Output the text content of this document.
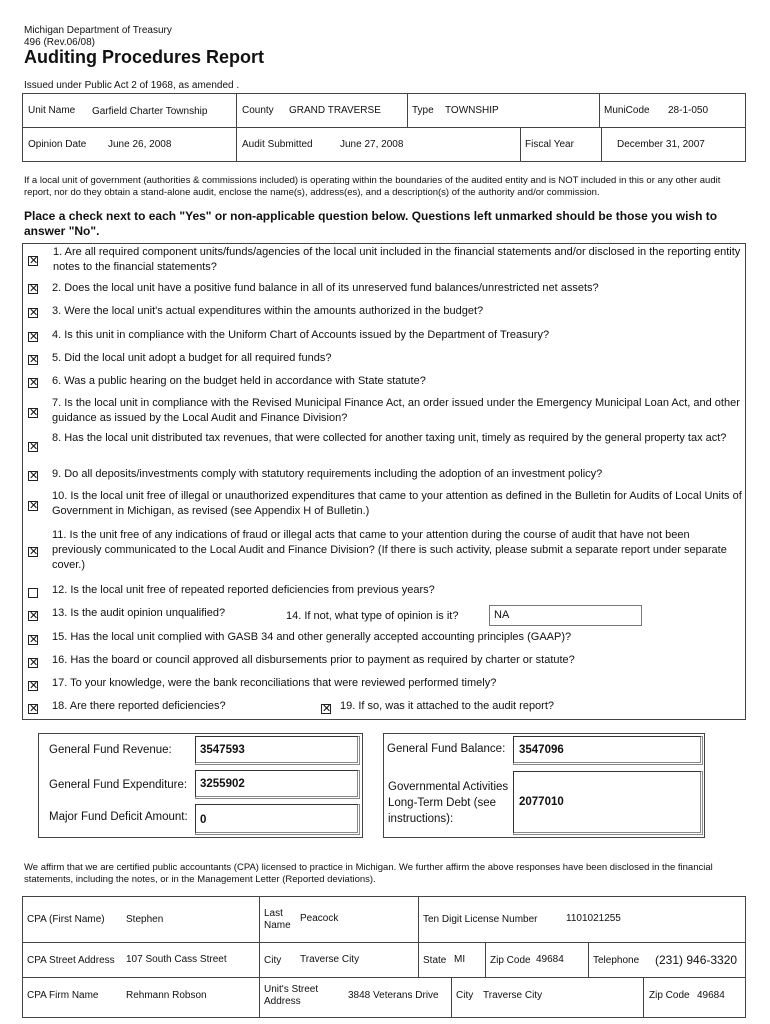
Michigan Department of Treasury
496 (Rev.06/08)
Auditing Procedures Report
Issued under Public Act 2 of 1968, as amended .
Unit Name Garfield Charter Township	County GRAND TRAVERSE	Type TOWNSHIP	MuniCode 28-1-050
Opinion Date June 26, 2008	Audit Submitted	June 27, 2008	Fiscal Year	December 31, 2007
If a local unit of government (authorities & commissions included) is operating within the boundaries of the audited entity and is NOT included in this or any other audit report, nor do they obtain a stand-alone audit, enclose the name(s), address(es), and a description(s) of the authority and/or commission.
Place a check next to each "Yes" or non-applicable question below. Questions left unmarked should be those you wish to answer "No".
✕
1. Are all required component units/funds/agencies of the local unit included in the financial statements and/or disclosed in the reporting entity notes to the financial statements?
✕ 2. Does the local unit have a positive fund balance in all of its unreserved fund balances/unrestricted net assets?
✕ 3. Were the local unit's actual expenditures within the amounts authorized in the budget?
✕ 4. Is this unit in compliance with the Uniform Chart of Accounts issued by the Department of Treasury?
✕ 5. Did the local unit adopt a budget for all required funds?
✕ 6. Was a public hearing on the budget held in accordance with State statute?
✕
7. Is the local unit in compliance with the Revised Municipal Finance Act, an order issued under the Emergency Municipal Loan Act, and other guidance as issued by the Local Audit and Finance Division?
✕
8. Has the local unit distributed tax revenues, that were collected for another taxing unit, timely as required by the general property tax act?
✕ 9. Do all deposits/investments comply with statutory requirements including the adoption of an investment policy?
✕
10. Is the local unit free of illegal or unauthorized expenditures that came to your attention as defined in the Bulletin for Audits of Local Units of Government in Michigan, as revised (see Appendix H of Bulletin.)
✕
11. Is the unit free of any indications of fraud or illegal acts that came to your attention during the course of audit that have not been previously communicated to the Local Audit and Finance Division? (If there is such activity, please submit a separate report under separate cover.)
12. Is the local unit free of repeated reported deficiencies from previous years?
✕ 13. Is the audit opinion unqualified?	14. If not, what type of opinion is it?	NA
✕ 15. Has the local unit complied with GASB 34 and other generally accepted accounting principles (GAAP)?
✕ 16. Has the board or council approved all disbursements prior to payment as required by charter or statute?
✕ 17. To your knowledge, were the bank reconciliations that were reviewed performed timely?
✕ 18. Are there reported deficiencies?	✕ 19. If so, was it attached to the audit report?
General Fund Revenue: 3547593
General Fund Expenditure: 3255902
Major Fund Deficit Amount: 0
General Fund Balance: 3547096
Governmental Activities Long-Term Debt (see instructions):
2077010
We affirm that we are certified public accountants (CPA) licensed to practice in Michigan. We further affirm the above responses have been disclosed in the financial statements, including the notes, or in the Management Letter (Reported deviations).
CPA (First Name) Stephen
Last Name
Peacock	Ten Digit License Number	1101021255
CPA Street Address 107 South Cass Street	City Traverse City	State MI Zip Code 49684	Telephone (231) 946-3320
CPA Firm Name	Rehmann Robson
Unit's Street Address
3848 Veterans Drive City Traverse City	Zip Code 49684
